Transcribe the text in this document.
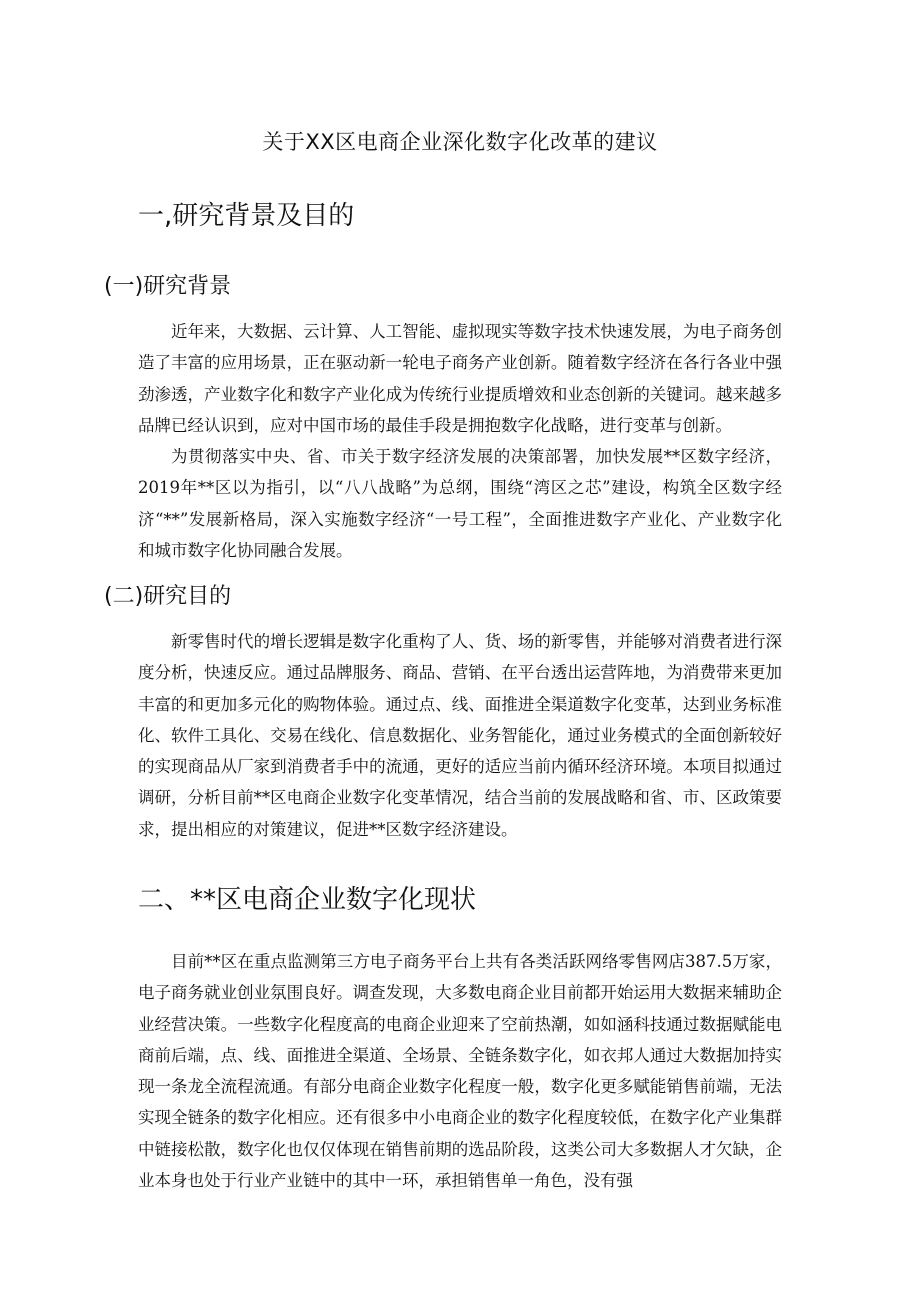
关于XX区电商企业深化数字化改革的建议
一,研究背景及目的
(一)研究背景

近年来，大数据、云计算、人工智能、虚拟现实等数字技术快速发展，为电子商务创造了丰富的应用场景，正在驱动新一轮电子商务产业创新。随着数字经济在各行各业中强劲渗透，产业数字化和数字产业化成为传统行业提质增效和业态创新的关键词。越来越多品牌已经认识到，应对中国市场的最佳手段是拥抱数字化战略，进行变革与创新。

为贯彻落实中央、省、市关于数字经济发展的决策部署，加快发展**区数字经济，2019年**区以为指引，以“八八战略”为总纲，围绕“湾区之芯”建设，构筑全区数字经济“**”发展新格局，深入实施数字经济“一号工程”，全面推进数字产业化、产业数字化和城市数字化协同融合发展。

(二)研究目的

新零售时代的增长逻辑是数字化重构了人、货、场的新零售，并能够对消费者进行深度分析，快速反应。通过品牌服务、商品、营销、在平台透出运营阵地，为消费带来更加丰富的和更加多元化的购物体验。通过点、线、面推进全渠道数字化变革，达到业务标准化、软件工具化、交易在线化、信息数据化、业务智能化，通过业务模式的全面创新较好的实现商品从厂家到消费者手中的流通，更好的适应当前内循环经济环境。本项目拟通过调研，分析目前**区电商企业数字化变革情况，结合当前的发展战略和省、市、区政策要求，提出相应的对策建议，促进**区数字经济建设。

二、**区电商企业数字化现状

目前**区在重点监测第三方电子商务平台上共有各类活跃网络零售网店387.5万家，电子商务就业创业氛围良好。调查发现，大多数电商企业目前都开始运用大数据来辅助企业经营决策。一些数字化程度高的电商企业迎来了空前热潮，如如涵科技通过数据赋能电商前后端，点、线、面推进全渠道、全场景、全链条数字化，如衣邦人通过大数据加持实现一条龙全流程流通。有部分电商企业数字化程度一般，数字化更多赋能销售前端，无法实现全链条的数字化相应。还有很多中小电商企业的数字化程度较低，在数字化产业集群中链接松散，数字化也仅仅体现在销售前期的选品阶段，这类公司大多数据人才欠缺，企业本身也处于行业产业链中的其中一环，承担销售单一角色，没有强
